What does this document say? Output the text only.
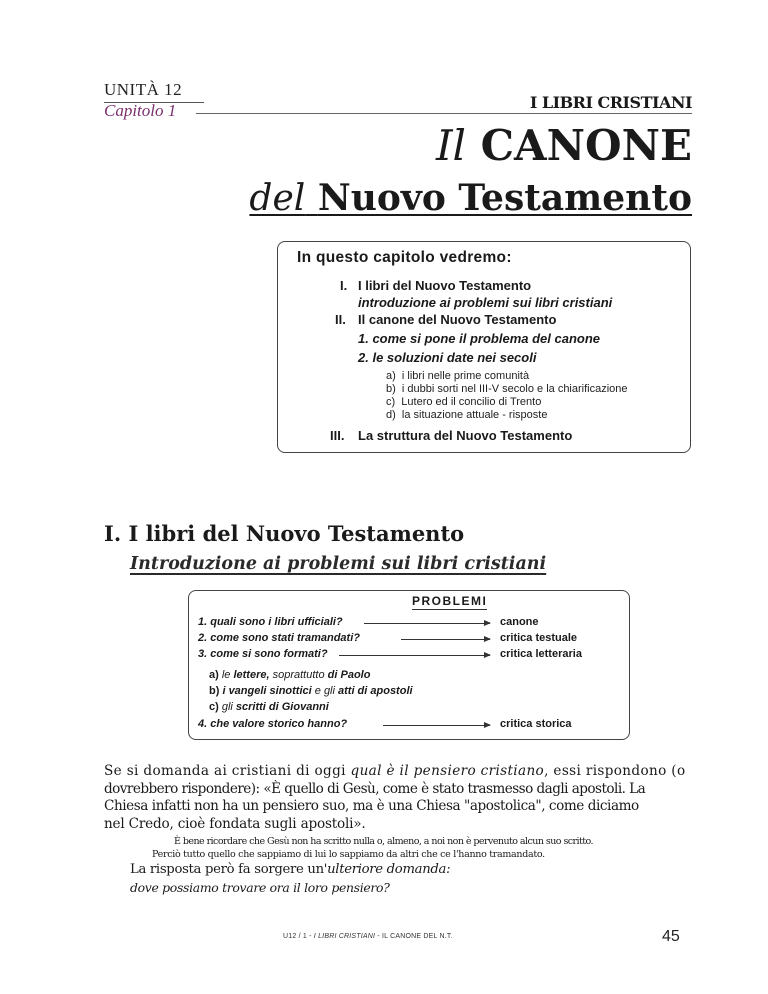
UNITÀ 12
Capitolo 1	I LIBRI CRISTIANI
Il CANONE
del Nuovo Testamento
In questo capitolo vedremo:
I. I libri del Nuovo Testamento
introduzione ai problemi sui libri cristiani
II. Il canone del Nuovo Testamento
1. come si pone il problema del canone
2. le soluzioni date nei secoli
a) i libri nelle prime comunità
b) i dubbi sorti nel III-V secolo e la chiarificazione
c) Lutero ed il concilio di Trento
d) la situazione attuale - risposte
III. La struttura del Nuovo Testamento
I. I libri del Nuovo Testamento
Introduzione ai problemi sui libri cristiani
PROBLEMI
1. quali sono i libri ufficiali?	canone
2. come sono stati tramandati?	critica testuale
3. come si sono formati?	critica letteraria
a) le lettere, soprattutto di Paolo
b) i vangeli sinottici e gli atti di apostoli
c) gli scritti di Giovanni
4. che valore storico hanno?	critica storica
Se si domanda ai cristiani di oggi qual è il pensiero cristiano, essi rispondono (o
dovrebbero rispondere): «È quello di Gesù, come è stato trasmesso dagli apostoli. La
Chiesa infatti non ha un pensiero suo, ma è una Chiesa "apostolica", come diciamo
nel Credo, cioè fondata sugli apostoli».
È bene ricordare che Gesù non ha scritto nulla o, almeno, a noi non è pervenuto alcun suo scritto.
Perciò tutto quello che sappiamo di lui lo sappiamo da altri che ce l'hanno tramandato.
La risposta però fa sorgere un'ulteriore domanda:
dove possiamo trovare ora il loro pensiero?
U12 / 1 - I LIBRI CRISTIANI - IL CANONE DEL N.T.	45
